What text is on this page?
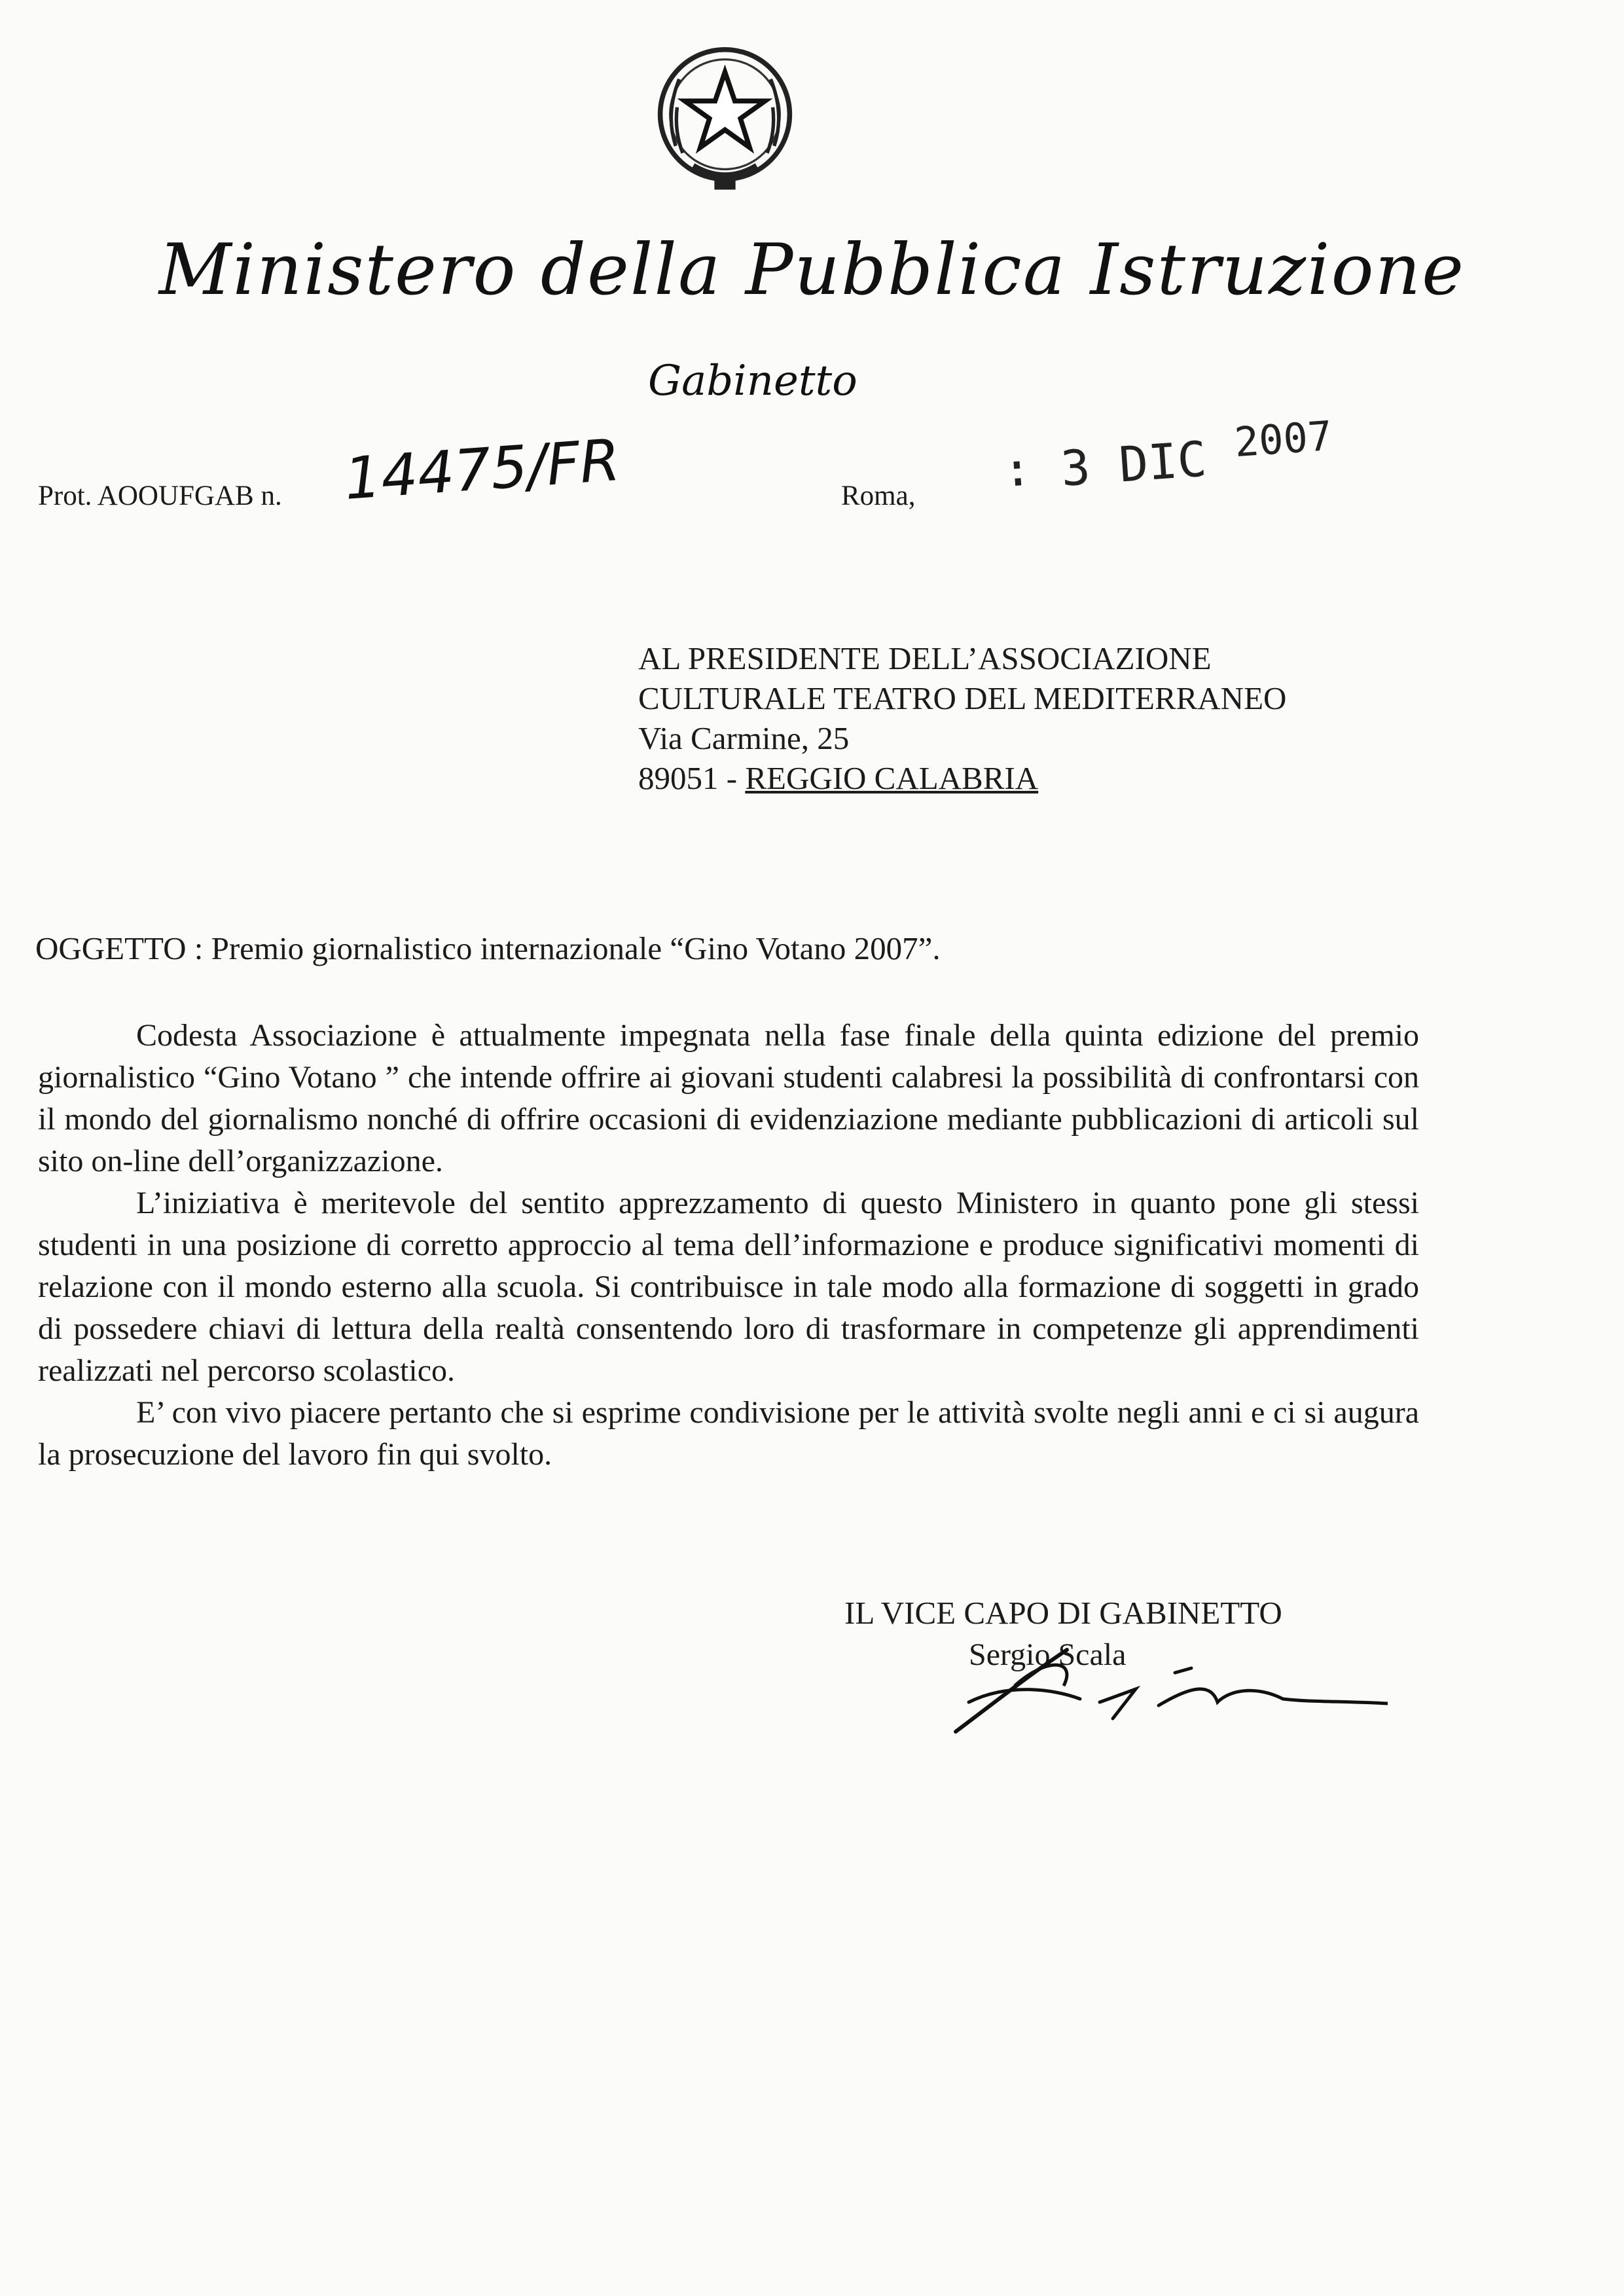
Ministero della Pubblica Istruzione
Gabinetto
Prot. AOOUFGAB n. 14475/FR	Roma, ∶ 3 DIC $^{2007}$
AL PRESIDENTE DELL’ASSOCIAZIONE
CULTURALE TEATRO DEL MEDITERRANEO
Via Carmine, 25
89051 - REGGIO CALABRIA
OGGETTO : Premio giornalistico internazionale “Gino Votano 2007”.

Codesta Associazione è attualmente impegnata nella fase finale della quinta edizione del premio giornalistico “Gino Votano ” che intende offrire ai giovani studenti calabresi la possibilità di confrontarsi con il mondo del giornalismo nonché di offrire occasioni di evidenziazione mediante pubblicazioni di articoli sul sito on-line dell’organizzazione.

L’iniziativa è meritevole del sentito apprezzamento di questo Ministero in quanto pone gli stessi studenti in una posizione di corretto approccio al tema dell’informazione e produce significativi momenti di relazione con il mondo esterno alla scuola. Si contribuisce in tale modo alla formazione di soggetti in grado di possedere chiavi di lettura della realtà consentendo loro di trasformare in competenze gli apprendimenti realizzati nel percorso scolastico.

E’ con vivo piacere pertanto che si esprime condivisione per le attività svolte negli anni e ci si augura la prosecuzione del lavoro fin qui svolto.

IL VICE CAPO DI GABINETTO
Sergio Scala
